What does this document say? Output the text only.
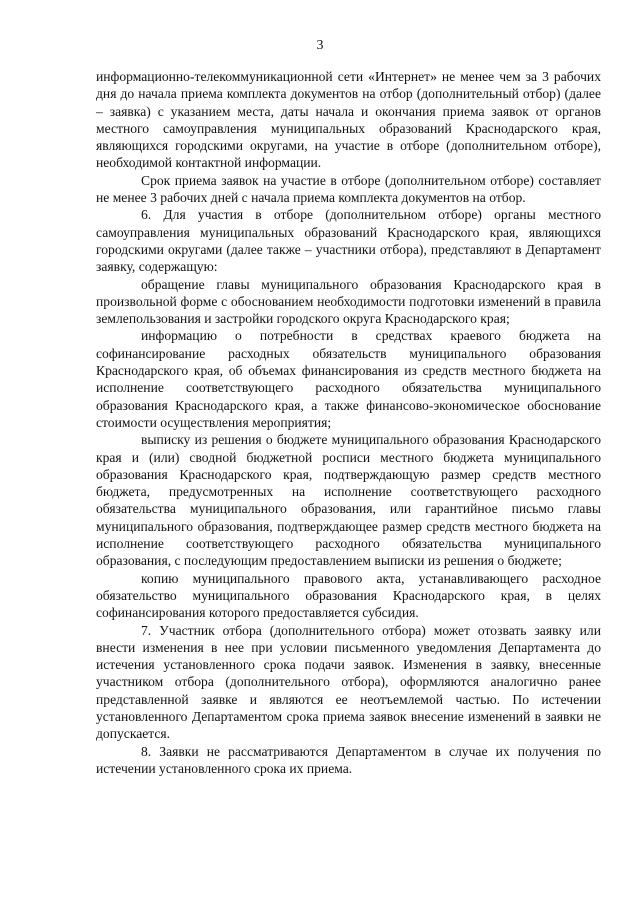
3

информационно-телекоммуникационной сети «Интернет» не менее чем за 3 рабочих дня до начала приема комплекта документов на отбор (дополнительный отбор) (далее – заявка) с указанием места, даты начала и окончания приема заявок от органов местного самоуправления муниципальных образований Краснодарского края, являющихся городскими округами, на участие в отборе (дополнительном отборе), необходимой контактной информации.

Срок приема заявок на участие в отборе (дополнительном отборе) составляет не менее 3 рабочих дней с начала приема комплекта документов на отбор.

6. Для участия в отборе (дополнительном отборе) органы местного самоуправления муниципальных образований Краснодарского края, являющихся городскими округами (далее также – участники отбора), представляют в Департамент заявку, содержащую:

обращение главы муниципального образования Краснодарского края в произвольной форме с обоснованием необходимости подготовки изменений в правила землепользования и застройки городского округа Краснодарского края;

информацию о потребности в средствах краевого бюджета на софинансирование расходных обязательств муниципального образования Краснодарского края, об объемах финансирования из средств местного бюджета на исполнение соответствующего расходного обязательства муниципального образования Краснодарского края, а также финансово-экономическое обоснование стоимости осуществления мероприятия;

выписку из решения о бюджете муниципального образования Краснодарского края и (или) сводной бюджетной росписи местного бюджета муниципального образования Краснодарского края, подтверждающую размер средств местного бюджета, предусмотренных на исполнение соответствующего расходного обязательства муниципального образования, или гарантийное письмо главы муниципального образования, подтверждающее размер средств местного бюджета на исполнение соответствующего расходного обязательства муниципального образования, с последующим предоставлением выписки из решения о бюджете;

копию муниципального правового акта, устанавливающего расходное обязательство муниципального образования Краснодарского края, в целях софинансирования которого предоставляется субсидия.

7. Участник отбора (дополнительного отбора) может отозвать заявку или внести изменения в нее при условии письменного уведомления Департамента до истечения установленного срока подачи заявок. Изменения в заявку, внесенные участником отбора (дополнительного отбора), оформляются аналогично ранее представленной заявке и являются ее неотъемлемой частью. По истечении установленного Департаментом срока приема заявок внесение изменений в заявки не допускается.

8. Заявки не рассматриваются Департаментом в случае их получения по истечении установленного срока их приема.
